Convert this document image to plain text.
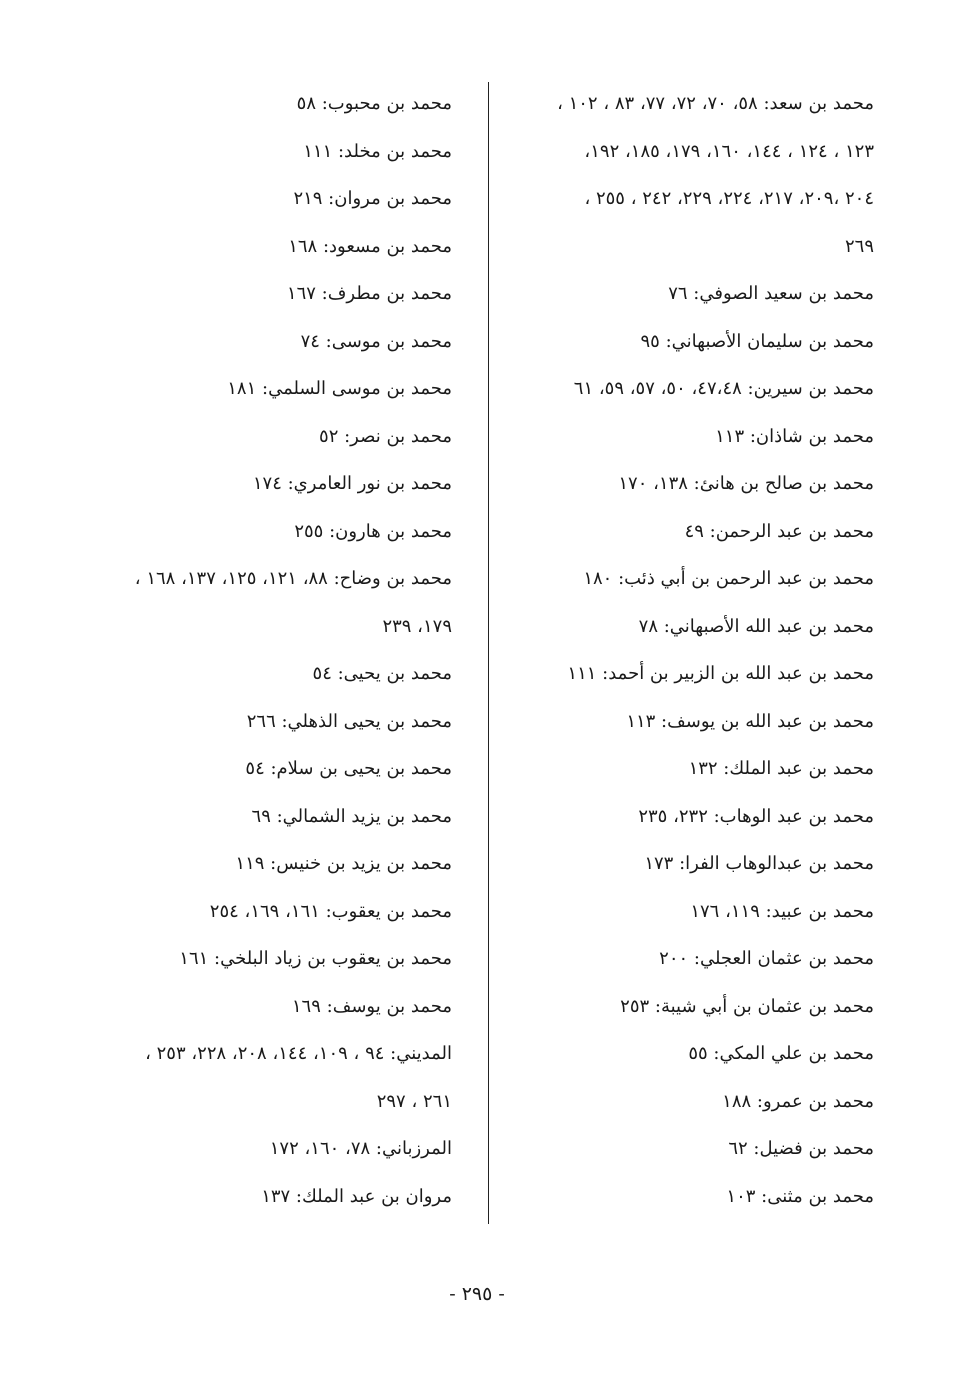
محمد بن سعد: ٥٨، ٧٠، ٧٢، ٧٧، ٨٣ ، ١٠٢ ،
١٢٣ ، ١٢٤ ، ١٤٤، ١٦٠، ١٧٩، ١٨٥، ١٩٢،
٢٠٤ ،٢٠٩، ٢١٧، ٢٢٤، ٢٢٩، ٢٤٢ ، ٢٥٥ ،
٢٦٩
محمد بن سعيد الصوفي: ٧٦
محمد بن سليمان الأصبهاني: ٩٥
محمد بن سيرين: ٤٧،٤٨، ٥٠، ٥٧، ٥٩، ٦١
محمد بن شاذان: ١١٣
محمد بن صالح بن هانئ: ١٣٨، ١٧٠
محمد بن عبد الرحمن: ٤٩
محمد بن عبد الرحمن بن أبي ذئب: ١٨٠
محمد بن عبد الله الأصبهاني: ٧٨
محمد بن عبد الله بن الزبير بن أحمد: ١١١
محمد بن عبد الله بن يوسف: ١١٣
محمد بن عبد الملك: ١٣٢
محمد بن عبد الوهاب: ٢٣٢، ٢٣٥
محمد بن عبدالوهاب الفرا: ١٧٣
محمد بن عبيد: ١١٩، ١٧٦
محمد بن عثمان العجلي: ٢٠٠
محمد بن عثمان بن أبي شيبة: ٢٥٣
محمد بن علي المكي: ٥٥
محمد بن عمرو: ١٨٨
محمد بن فضيل: ٦٢
محمد بن مثنى: ١٠٣
محمد بن محبوب: ٥٨
محمد بن مخلد: ١١١
محمد بن مروان: ٢١٩
محمد بن مسعود: ١٦٨
محمد بن مطرف: ١٦٧
محمد بن موسى: ٧٤
محمد بن موسى السلمي: ١٨١
محمد بن نصر: ٥٢
محمد بن نور العامري: ١٧٤
محمد بن هارون: ٢٥٥
محمد بن وضاح: ٨٨، ١٢١، ١٢٥، ١٣٧، ١٦٨ ،
١٧٩، ٢٣٩
محمد بن يحيى: ٥٤
محمد بن يحيى الذهلي: ٢٦٦
محمد بن يحيى بن سلام: ٥٤
محمد بن يزيد الشمالي: ٦٩
محمد بن يزيد بن خنيس: ١١٩
محمد بن يعقوب: ١٦١، ١٦٩، ٢٥٤
محمد بن يعقوب بن زياد البلخي: ١٦١
محمد بن يوسف: ١٦٩
المديني: ٩٤ ، ١٠٩، ١٤٤، ٢٠٨، ٢٢٨، ٢٥٣ ،
٢٦١ ، ٢٩٧
المرزباني: ٧٨، ١٦٠، ١٧٢
مروان بن عبد الملك: ١٣٧
- ٢٩٥ -
